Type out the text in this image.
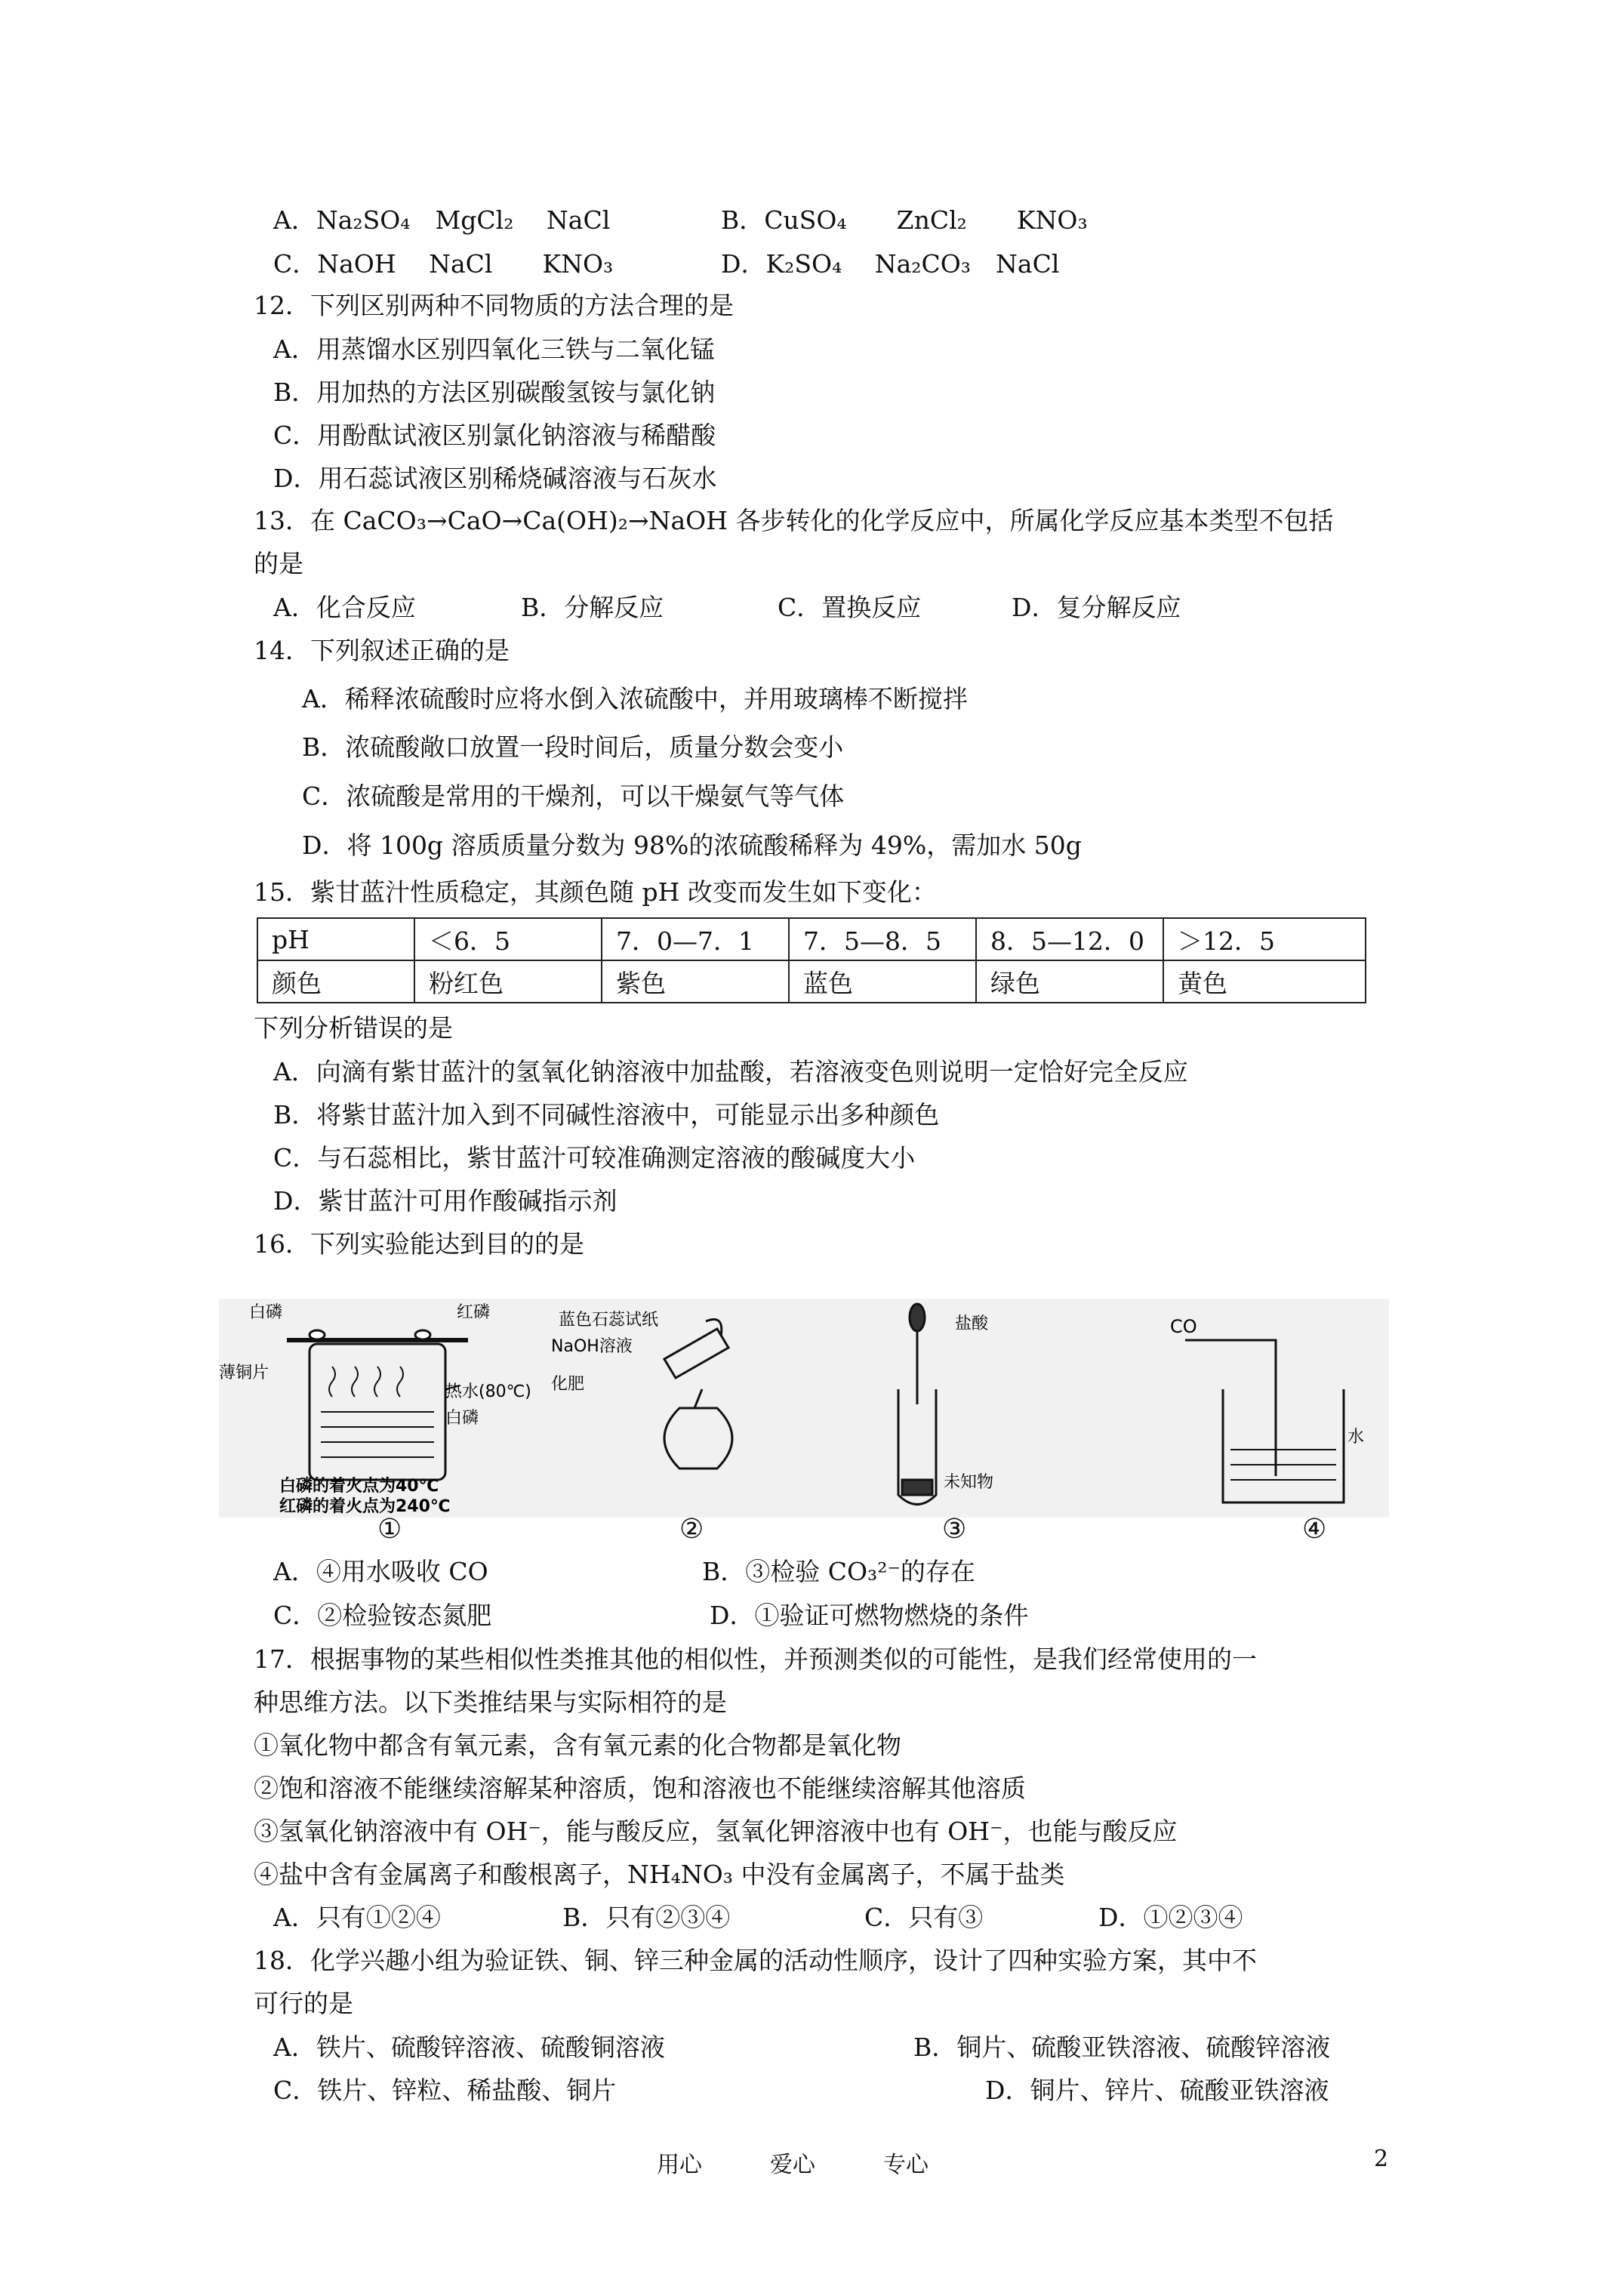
A．Na₂SO₄　MgCl₂　 NaCl	B．CuSO₄　　ZnCl₂　　KNO₃
C．NaOH　 NaCl　　KNO₃	D．K₂SO₄　 Na₂CO₃　NaCl
12．下列区别两种不同物质的方法合理的是
A．用蒸馏水区别四氧化三铁与二氧化锰
B．用加热的方法区别碳酸氢铵与氯化钠
C．用酚酞试液区别氯化钠溶液与稀醋酸
D．用石蕊试液区别稀烧碱溶液与石灰水
13．在 CaCO₃→CaO→Ca(OH)₂→NaOH 各步转化的化学反应中，所属化学反应基本类型不包括
的是
A．化合反应	B．分解反应	C．置换反应	D．复分解反应
14．下列叙述正确的是
A．稀释浓硫酸时应将水倒入浓硫酸中，并用玻璃棒不断搅拌
B．浓硫酸敞口放置一段时间后，质量分数会变小
C．浓硫酸是常用的干燥剂，可以干燥氨气等气体
D．将 100g 溶质质量分数为 98%的浓硫酸稀释为 49%，需加水 50g
15．紫甘蓝汁性质稳定，其颜色随 pH 改变而发生如下变化：
pH	＜6．5	7．0—7．1	7．5—8．5	8．5—12．0	＞12．5
颜色	粉红色	紫色	蓝色	绿色	黄色
下列分析错误的是
A．向滴有紫甘蓝汁的氢氧化钠溶液中加盐酸，若溶液变色则说明一定恰好完全反应
B．将紫甘蓝汁加入到不同碱性溶液中，可能显示出多种颜色
C．与石蕊相比，紫甘蓝汁可较准确测定溶液的酸碱度大小
D．紫甘蓝汁可用作酸碱指示剂
16．下列实验能达到目的的是
白磷	红磷
薄铜片
热水(80℃)
白磷
白磷的着火点为40℃
红磷的着火点为240℃
蓝色石蕊试纸
NaOH溶液
化肥
盐酸
未知物
CO
水
①	②	③	④
A．④用水吸收 CO	B．③检验 CO₃²⁻的存在
C．②检验铵态氮肥	D．①验证可燃物燃烧的条件
17．根据事物的某些相似性类推其他的相似性，并预测类似的可能性，是我们经常使用的一
种思维方法。以下类推结果与实际相符的是
①氧化物中都含有氧元素，含有氧元素的化合物都是氧化物
②饱和溶液不能继续溶解某种溶质，饱和溶液也不能继续溶解其他溶质
③氢氧化钠溶液中有 OH⁻，能与酸反应，氢氧化钾溶液中也有 OH⁻，也能与酸反应
④盐中含有金属离子和酸根离子，NH₄NO₃ 中没有金属离子，不属于盐类
A．只有①②④	B．只有②③④	C．只有③	D．①②③④
18．化学兴趣小组为验证铁、铜、锌三种金属的活动性顺序，设计了四种实验方案，其中不
可行的是
A．铁片、硫酸锌溶液、硫酸铜溶液	B．铜片、硫酸亚铁溶液、硫酸锌溶液
C．铁片、锌粒、稀盐酸、铜片	D．铜片、锌片、硫酸亚铁溶液
用心	爱心	专心	2
